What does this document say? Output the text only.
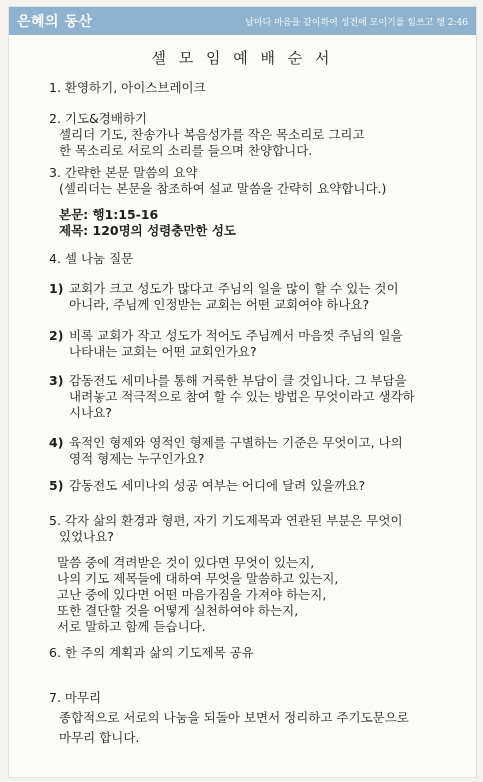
은혜의 동산	날마다 마음을 같이하여 성전에 모이기를 힘쓰고 행 2:46
셀 모 임 예 배 순 서

1. 환영하기, 아이스브레이크

2. 기도&경배하기

셀리더 기도, 찬송가나 복음성가를 작은 목소리로 그리고

한 목소리로 서로의 소리를 들으며 찬양합니다.

3. 간략한 본문 말씀의 요약

(셀리더는 본문을 참조하여 설교 말씀을 간략히 요약합니다.)

본문: 행1:15-16

제목: 120명의 성령충만한 성도

4. 셀 나눔 질문

1) 교회가 크고 성도가 많다고 주님의 일을 많이 할 수 있는 것이

아니라, 주님께 인정받는 교회는 어떤 교회여야 하나요?

2) 비록 교회가 작고 성도가 적어도 주님께서 마음껏 주님의 일을

나타내는 교회는 어떤 교회인가요?

3) 감동전도 세미나를 통해 거룩한 부담이 클 것입니다. 그 부담을

내려놓고 적극적으로 참여 할 수 있는 방법은 무엇이라고 생각하

시나요?

4) 육적인 형제와 영적인 형제를 구별하는 기준은 무엇이고, 나의

영적 형제는 누구인가요?

5) 감동전도 세미나의 성공 여부는 어디에 달려 있을까요?

5. 각자 삶의 환경과 형편, 자기 기도제목과 연관된 부분은 무엇이

있었나요?

말씀 중에 격려받은 것이 있다면 무엇이 있는지,

나의 기도 제목들에 대하여 무엇을 말씀하고 있는지,

고난 중에 있다면 어떤 마음가짐을 가져야 하는지,

또한 결단할 것을 어떻게 실천하여야 하는지,

서로 말하고 함께 듣습니다.

6. 한 주의 계획과 삶의 기도제목 공유

7. 마무리

종합적으로 서로의 나눔을 되돌아 보면서 정리하고 주기도문으로

마무리 합니다.
